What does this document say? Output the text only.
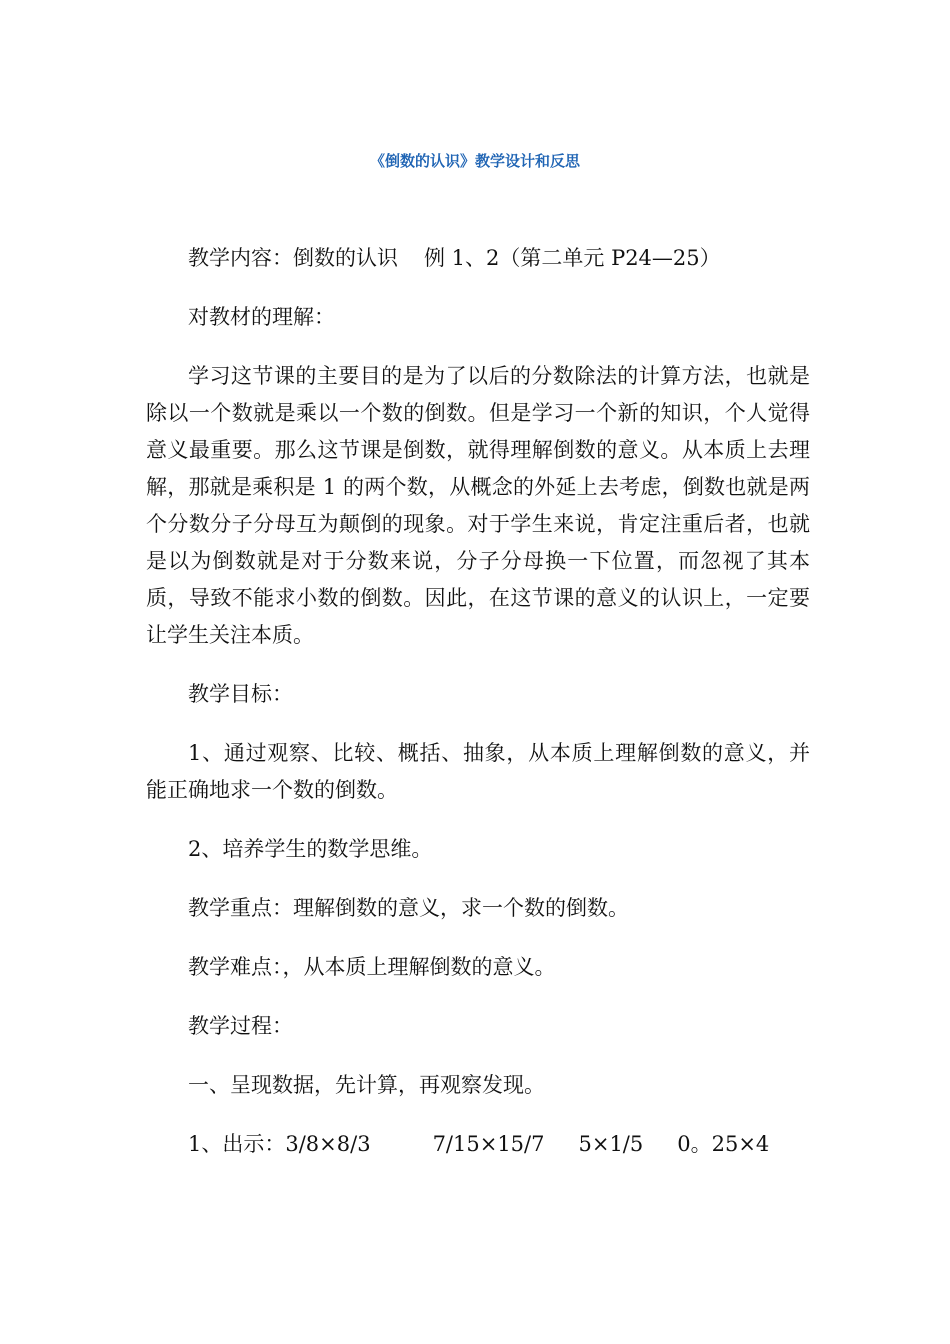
《倒数的认识》教学设计和反思

教学内容：倒数的认识 例 1、2（第二单元 P24—25）

对教材的理解：

学习这节课的主要目的是为了以后的分数除法的计算方法，也就是除以一个数就是乘以一个数的倒数。但是学习一个新的知识，个人觉得意义最重要。那么这节课是倒数，就得理解倒数的意义。从本质上去理解，那就是乘积是 1 的两个数，从概念的外延上去考虑，倒数也就是两个分数分子分母互为颠倒的现象。对于学生来说，肯定注重后者，也就是以为倒数就是对于分数来说，分子分母换一下位置，而忽视了其本质，导致不能求小数的倒数。因此，在这节课的意义的认识上，一定要让学生关注本质。

教学目标：

1、通过观察、比较、概括、抽象，从本质上理解倒数的意义，并能正确地求一个数的倒数。

2、培养学生的数学思维。

教学重点：理解倒数的意义，求一个数的倒数。

教学难点：，从本质上理解倒数的意义。

教学过程：

一、呈现数据，先计算，再观察发现。

1、出示：3/8×8/3	7/15×15/7 5×1/5 0。25×4
